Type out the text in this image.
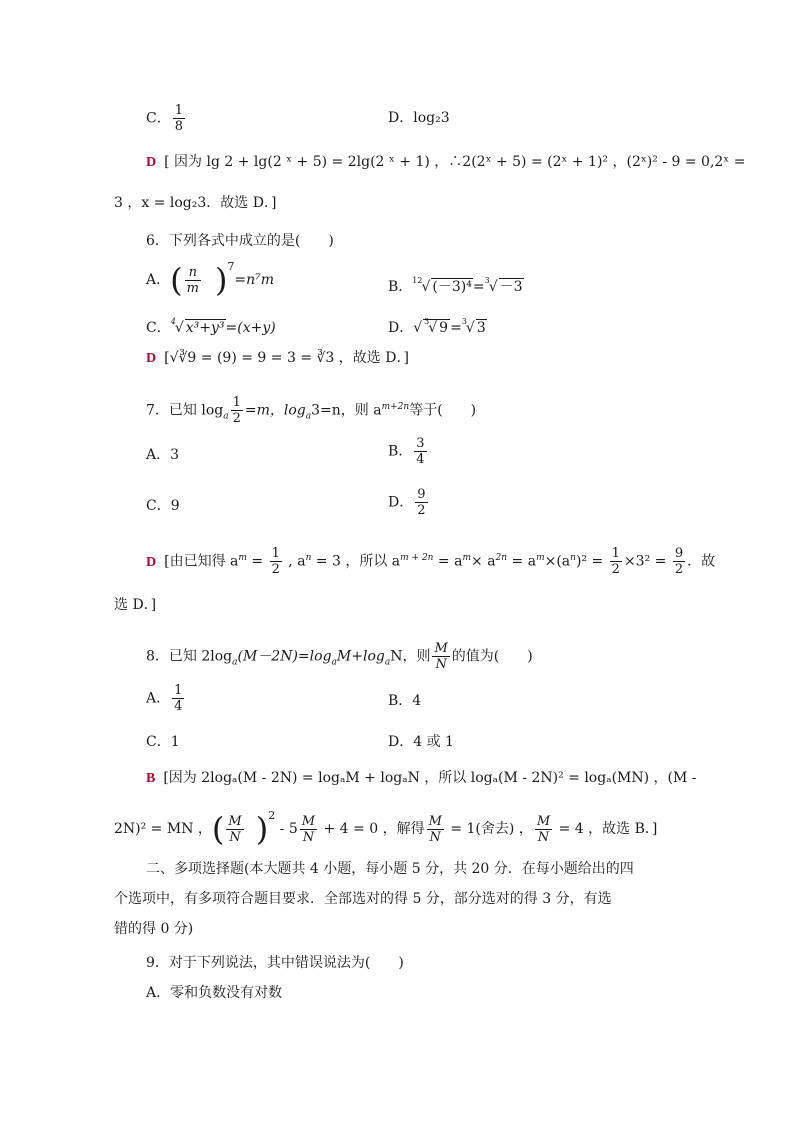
C． $\frac{1}{8}$	D．log₂3
D [ 因为 lg 2 + lg(2 ˣ + 5) = 2lg(2 ˣ + 1) ，∴2(2ˣ + 5) = (2ˣ + 1)² ，(2ˣ)² - 9 = 0,2ˣ =
3 ，x = log₂3．故选 D．]
6．下列各式中成立的是(　　)
A．( $\frac{n}{m} )^7=n^7m$	B．$^{12}$√ (－3)⁴=$^3$√ －3
C．$^4$√ x³+y³=(x+y)	D．√ $^3$√ 9 =$^3$√ 3
D [√∛9 = (9) = 9 = 3 = ∛3 ，故选 D．]
7．已知 $\log_a \frac{1}{2} =m$，$\log_a3=n$，则 $a^{m+2n}$等于(　　)
A．3	B． $\frac{3}{4}$
C．9	D． $\frac{9}{2}$
D [由已知得 $a^m = \frac{1}{2}$ , $a^n = 3$ ，所以 $a^{m + 2n} = a^m\times a^{2n} = a^m\times(a^n)^2 = \frac{1}{2} \times 3^2 = \frac{9}{2}$ ．故
选 D．]
8．已知 $2\log_a(M-2N)=\log_aM+\log_aN$，则 $\frac{M}{N}$ 的值为(　　)
A． $\frac{1}{4}$	B．4
C．1	D．4 或 1
B [因为 2logₐ(M - 2N) = logₐM + logₐN ，所以 logₐ(M - 2N)² = logₐ(MN) ，(M -
2N)² = MN ，( $\frac{M}{N} )^2 - 5 \frac{M}{N} + 4 = 0$ ，解得 $\frac{M}{N} = 1$(舍去) ， $\frac{M}{N} = 4$ ，故选 B．]
二、多项选择题(本大题共 4 小题，每小题 5 分，共 20 分．在每小题给出的四
个选项中，有多项符合题目要求．全部选对的得 5 分，部分选对的得 3 分，有选
错的得 0 分)
9．对于下列说法，其中错误说法为(　　)
A．零和负数没有对数
